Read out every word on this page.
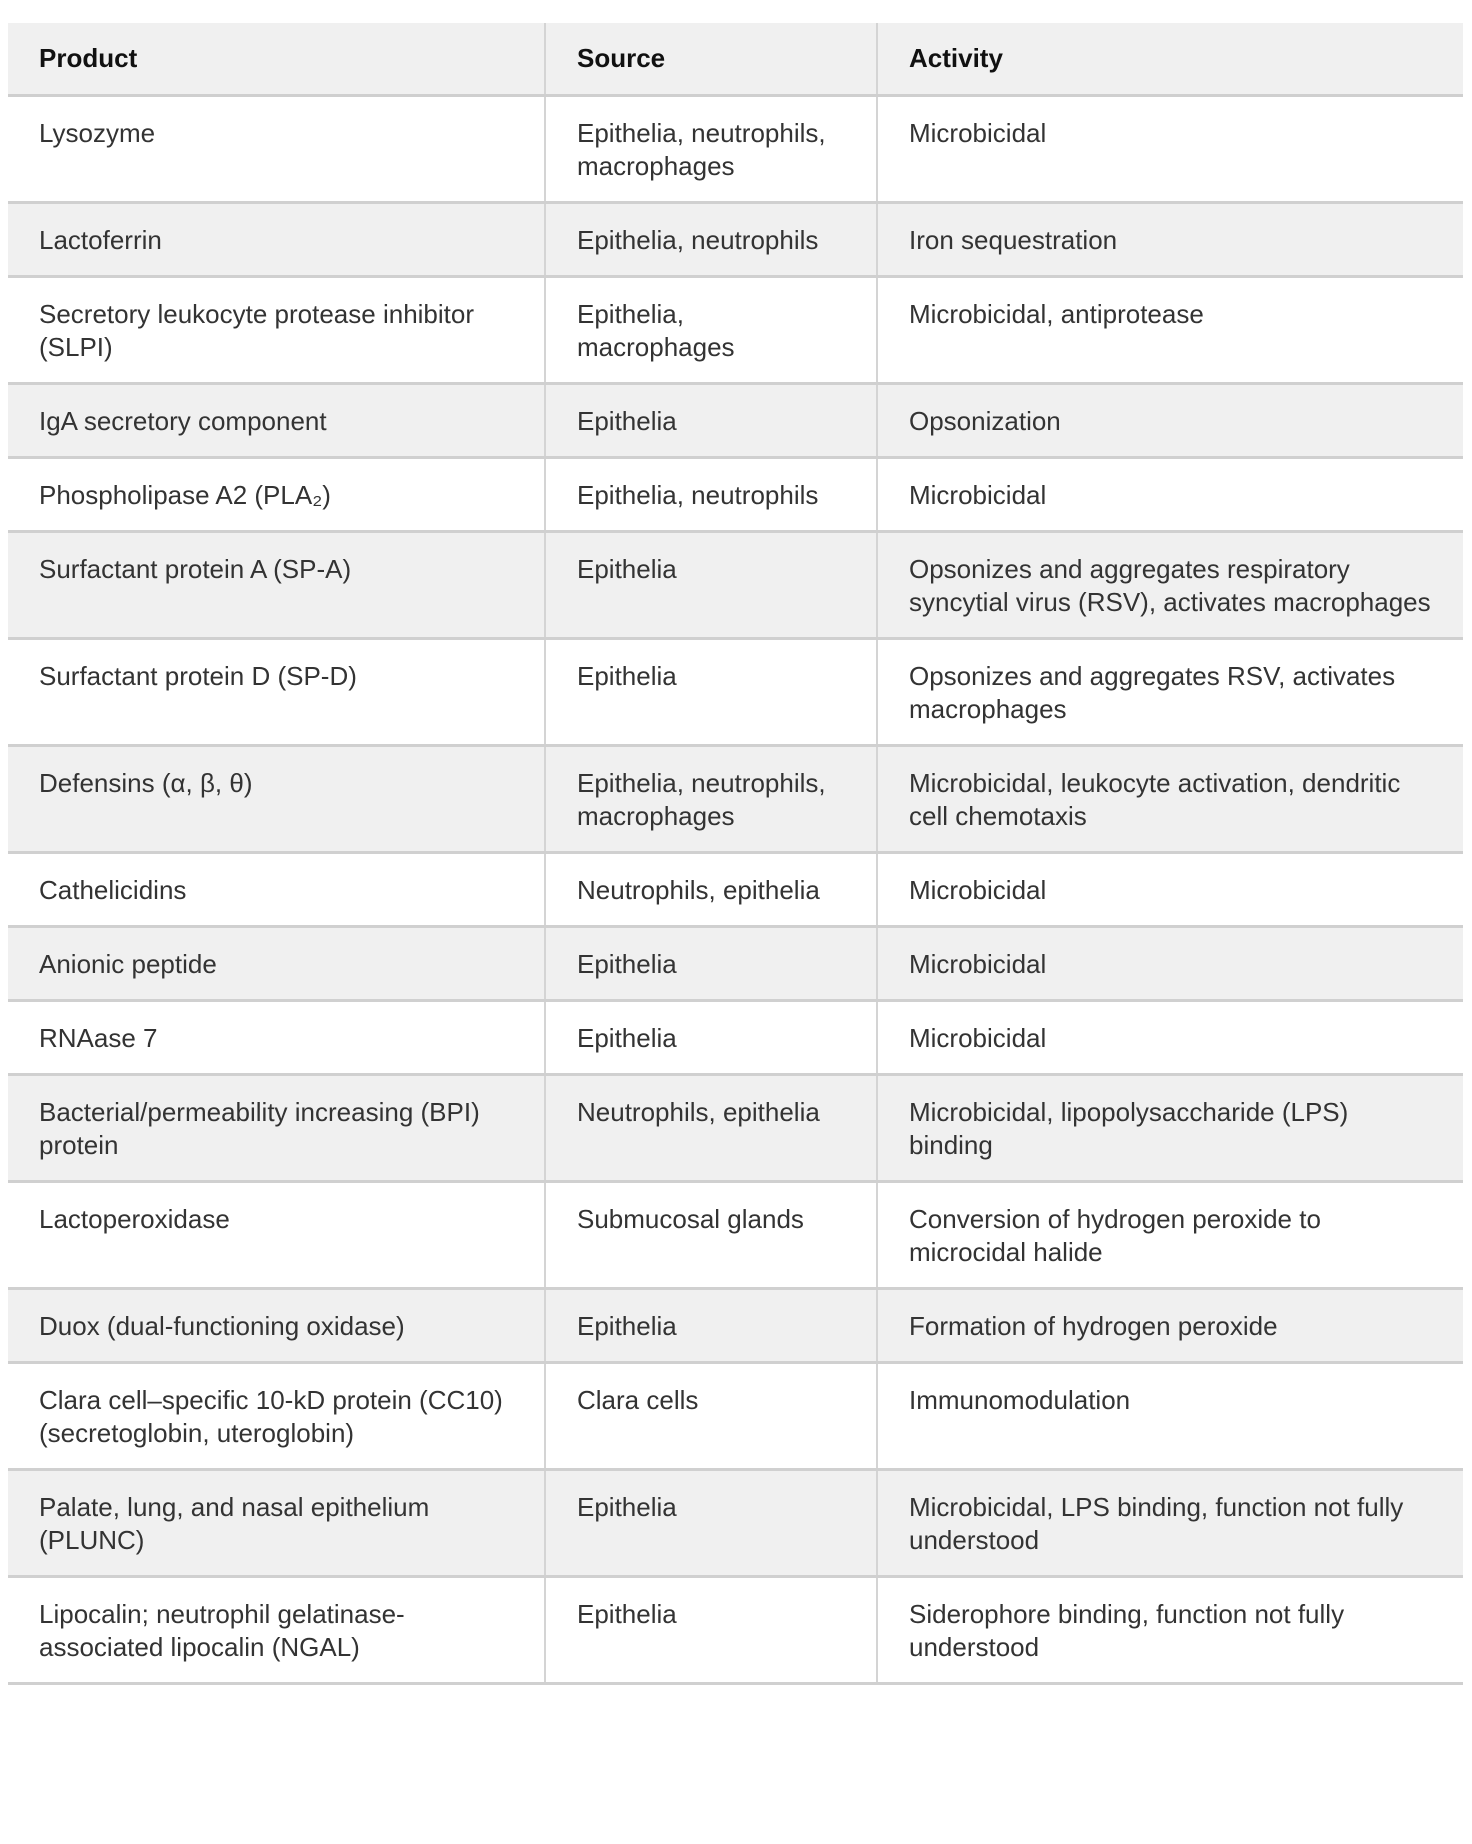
Product	Source	Activity
Lysozyme	Epithelia, neutrophils, macrophages	Microbicidal
Lactoferrin	Epithelia, neutrophils	Iron sequestration
Secretory leukocyte protease inhibitor (SLPI)	Epithelia, macrophages	Microbicidal, antiprotease
IgA secretory component	Epithelia	Opsonization
Phospholipase A2 (PLA₂)	Epithelia, neutrophils	Microbicidal
Surfactant protein A (SP-A)	Epithelia	Opsonizes and aggregates respiratory syncytial virus (RSV), activates macrophages
Surfactant protein D (SP-D)	Epithelia	Opsonizes and aggregates RSV, activates macrophages
Defensins (α, β, θ)	Epithelia, neutrophils, macrophages	Microbicidal, leukocyte activation, dendritic cell chemotaxis
Cathelicidins	Neutrophils, epithelia	Microbicidal
Anionic peptide	Epithelia	Microbicidal
RNAase 7	Epithelia	Microbicidal
Bacterial/permeability increasing (BPI) protein	Neutrophils, epithelia	Microbicidal, lipopolysaccharide (LPS) binding
Lactoperoxidase	Submucosal glands	Conversion of hydrogen peroxide to microcidal halide
Duox (dual-functioning oxidase)	Epithelia	Formation of hydrogen peroxide
Clara cell–specific 10-kD protein (CC10) (secretoglobin, uteroglobin)	Clara cells	Immunomodulation
Palate, lung, and nasal epithelium (PLUNC)	Epithelia	Microbicidal, LPS binding, function not fully understood
Lipocalin; neutrophil gelatinase-associated lipocalin (NGAL)	Epithelia	Siderophore binding, function not fully understood
